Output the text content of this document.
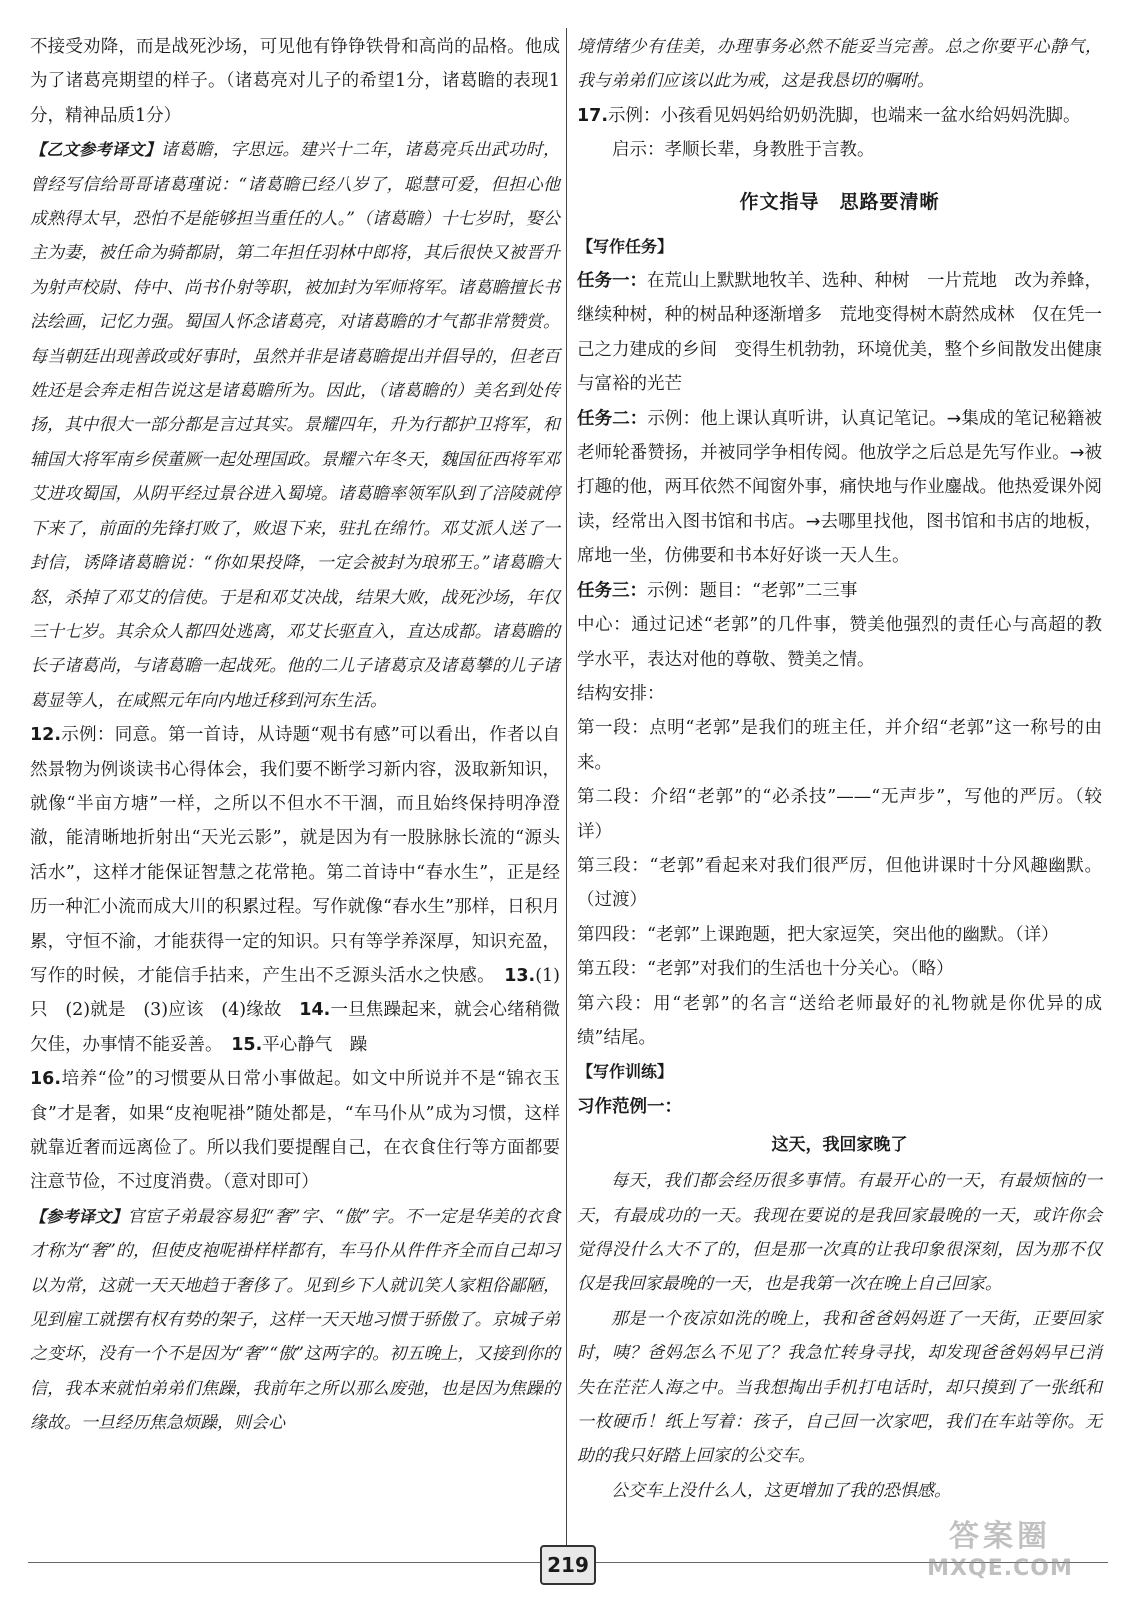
不接受劝降，而是战死沙场，可见他有铮铮铁骨和高尚的品格。他成为了诸葛亮期望的样子。（诸葛亮对儿子的希望1分，诸葛瞻的表现1分，精神品质1分）

【乙文参考译文】诸葛瞻，字思远。建兴十二年，诸葛亮兵出武功时，曾经写信给哥哥诸葛瑾说：“诸葛瞻已经八岁了，聪慧可爱，但担心他成熟得太早，恐怕不是能够担当重任的人。”（诸葛瞻）十七岁时，娶公主为妻，被任命为骑都尉，第二年担任羽林中郎将，其后很快又被晋升为射声校尉、侍中、尚书仆射等职，被加封为军师将军。诸葛瞻擅长书法绘画，记忆力强。蜀国人怀念诸葛亮，对诸葛瞻的才气都非常赞赏。每当朝廷出现善政或好事时，虽然并非是诸葛瞻提出并倡导的，但老百姓还是会奔走相告说这是诸葛瞻所为。因此，（诸葛瞻的）美名到处传扬，其中很大一部分都是言过其实。景耀四年，升为行都护卫将军，和辅国大将军南乡侯董厥一起处理国政。景耀六年冬天，魏国征西将军邓艾进攻蜀国，从阴平经过景谷进入蜀境。诸葛瞻率领军队到了涪陵就停下来了，前面的先锋打败了，败退下来，驻扎在绵竹。邓艾派人送了一封信，诱降诸葛瞻说：“你如果投降，一定会被封为琅邪王。”诸葛瞻大怒，杀掉了邓艾的信使。于是和邓艾决战，结果大败，战死沙场，年仅三十七岁。其余众人都四处逃离，邓艾长驱直入，直达成都。诸葛瞻的长子诸葛尚，与诸葛瞻一起战死。他的二儿子诸葛京及诸葛攀的儿子诸葛显等人，在咸熙元年向内地迁移到河东生活。

12.示例：同意。第一首诗，从诗题“观书有感”可以看出，作者以自然景物为例谈读书心得体会，我们要不断学习新内容，汲取新知识，就像“半亩方塘”一样，之所以不但水不干涸，而且始终保持明净澄澈，能清晰地折射出“天光云影”，就是因为有一股脉脉长流的“源头活水”，这样才能保证智慧之花常艳。第二首诗中“春水生”，正是经历一种汇小流而成大川的积累过程。写作就像“春水生”那样，日积月累，守恒不渝，才能获得一定的知识。只有等学养深厚，知识充盈，写作的时候，才能信手拈来，产生出不乏源头活水之快感。　 13.(1)只　(2)就是　(3)应该　(4)缘故　 14.一旦焦躁起来，就会心绪稍微欠佳，办事情不能妥善。　 15.平心静气　躁

16.培养“俭”的习惯要从日常小事做起。如文中所说并不是“锦衣玉食”才是奢，如果“皮袍呢褂”随处都是，“车马仆从”成为习惯，这样就靠近奢而远离俭了。所以我们要提醒自己，在衣食住行等方面都要注意节俭，不过度消费。（意对即可）

【参考译文】官宦子弟最容易犯“奢”字、“傲”字。不一定是华美的衣食才称为“奢”的，但使皮袍呢褂样样都有，车马仆从件件齐全而自己却习以为常，这就一天天地趋于奢侈了。见到乡下人就讥笑人家粗俗鄙陋，见到雇工就摆有权有势的架子，这样一天天地习惯于骄傲了。京城子弟之变坏，没有一个不是因为“奢”“傲”这两字的。初五晚上，又接到你的信，我本来就怕弟弟们焦躁，我前年之所以那么废弛，也是因为焦躁的缘故。一旦经历焦急烦躁，则会心

境情绪少有佳美，办理事务必然不能妥当完善。总之你要平心静气，我与弟弟们应该以此为戒，这是我恳切的嘱咐。

17.示例：小孩看见妈妈给奶奶洗脚，也端来一盆水给妈妈洗脚。

启示：孝顺长辈，身教胜于言教。

作文指导　思路要清晰

【写作任务】

任务一：在荒山上默默地牧羊、选种、种树　一片荒地　改为养蜂，继续种树，种的树品种逐渐增多　荒地变得树木蔚然成林　仅在凭一己之力建成的乡间　变得生机勃勃，环境优美，整个乡间散发出健康与富裕的光芒

任务二：示例：他上课认真听讲，认真记笔记。→集成的笔记秘籍被老师轮番赞扬，并被同学争相传阅。他放学之后总是先写作业。→被打趣的他，两耳依然不闻窗外事，痛快地与作业鏖战。他热爱课外阅读，经常出入图书馆和书店。→去哪里找他，图书馆和书店的地板，席地一坐，仿佛要和书本好好谈一天人生。

任务三：示例：题目：“老郭”二三事

中心：通过记述“老郭”的几件事，赞美他强烈的责任心与高超的教学水平，表达对他的尊敬、赞美之情。

结构安排：

第一段：点明“老郭”是我们的班主任，并介绍“老郭”这一称号的由来。

第二段：介绍“老郭”的“必杀技”——“无声步”，写他的严厉。（较详）

第三段：“老郭”看起来对我们很严厉，但他讲课时十分风趣幽默。（过渡）

第四段：“老郭”上课跑题，把大家逗笑，突出他的幽默。（详）

第五段：“老郭”对我们的生活也十分关心。（略）

第六段：用“老郭”的名言“送给老师最好的礼物就是你优异的成绩”结尾。

【写作训练】

习作范例一：

这天，我回家晚了

每天，我们都会经历很多事情。有最开心的一天，有最烦恼的一天，有最成功的一天。我现在要说的是我回家最晚的一天，或许你会觉得没什么大不了的，但是那一次真的让我印象很深刻，因为那不仅仅是我回家最晚的一天，也是我第一次在晚上自己回家。

那是一个夜凉如洗的晚上，我和爸爸妈妈逛了一天街，正要回家时，咦？爸妈怎么不见了？我急忙转身寻找，却发现爸爸妈妈早已消失在茫茫人海之中。当我想掏出手机打电话时，却只摸到了一张纸和一枚硬币！纸上写着：孩子，自己回一次家吧，我们在车站等你。无助的我只好踏上回家的公交车。

公交车上没什么人，这更增加了我的恐惧感。

219
答案圈
MXQE.COM
